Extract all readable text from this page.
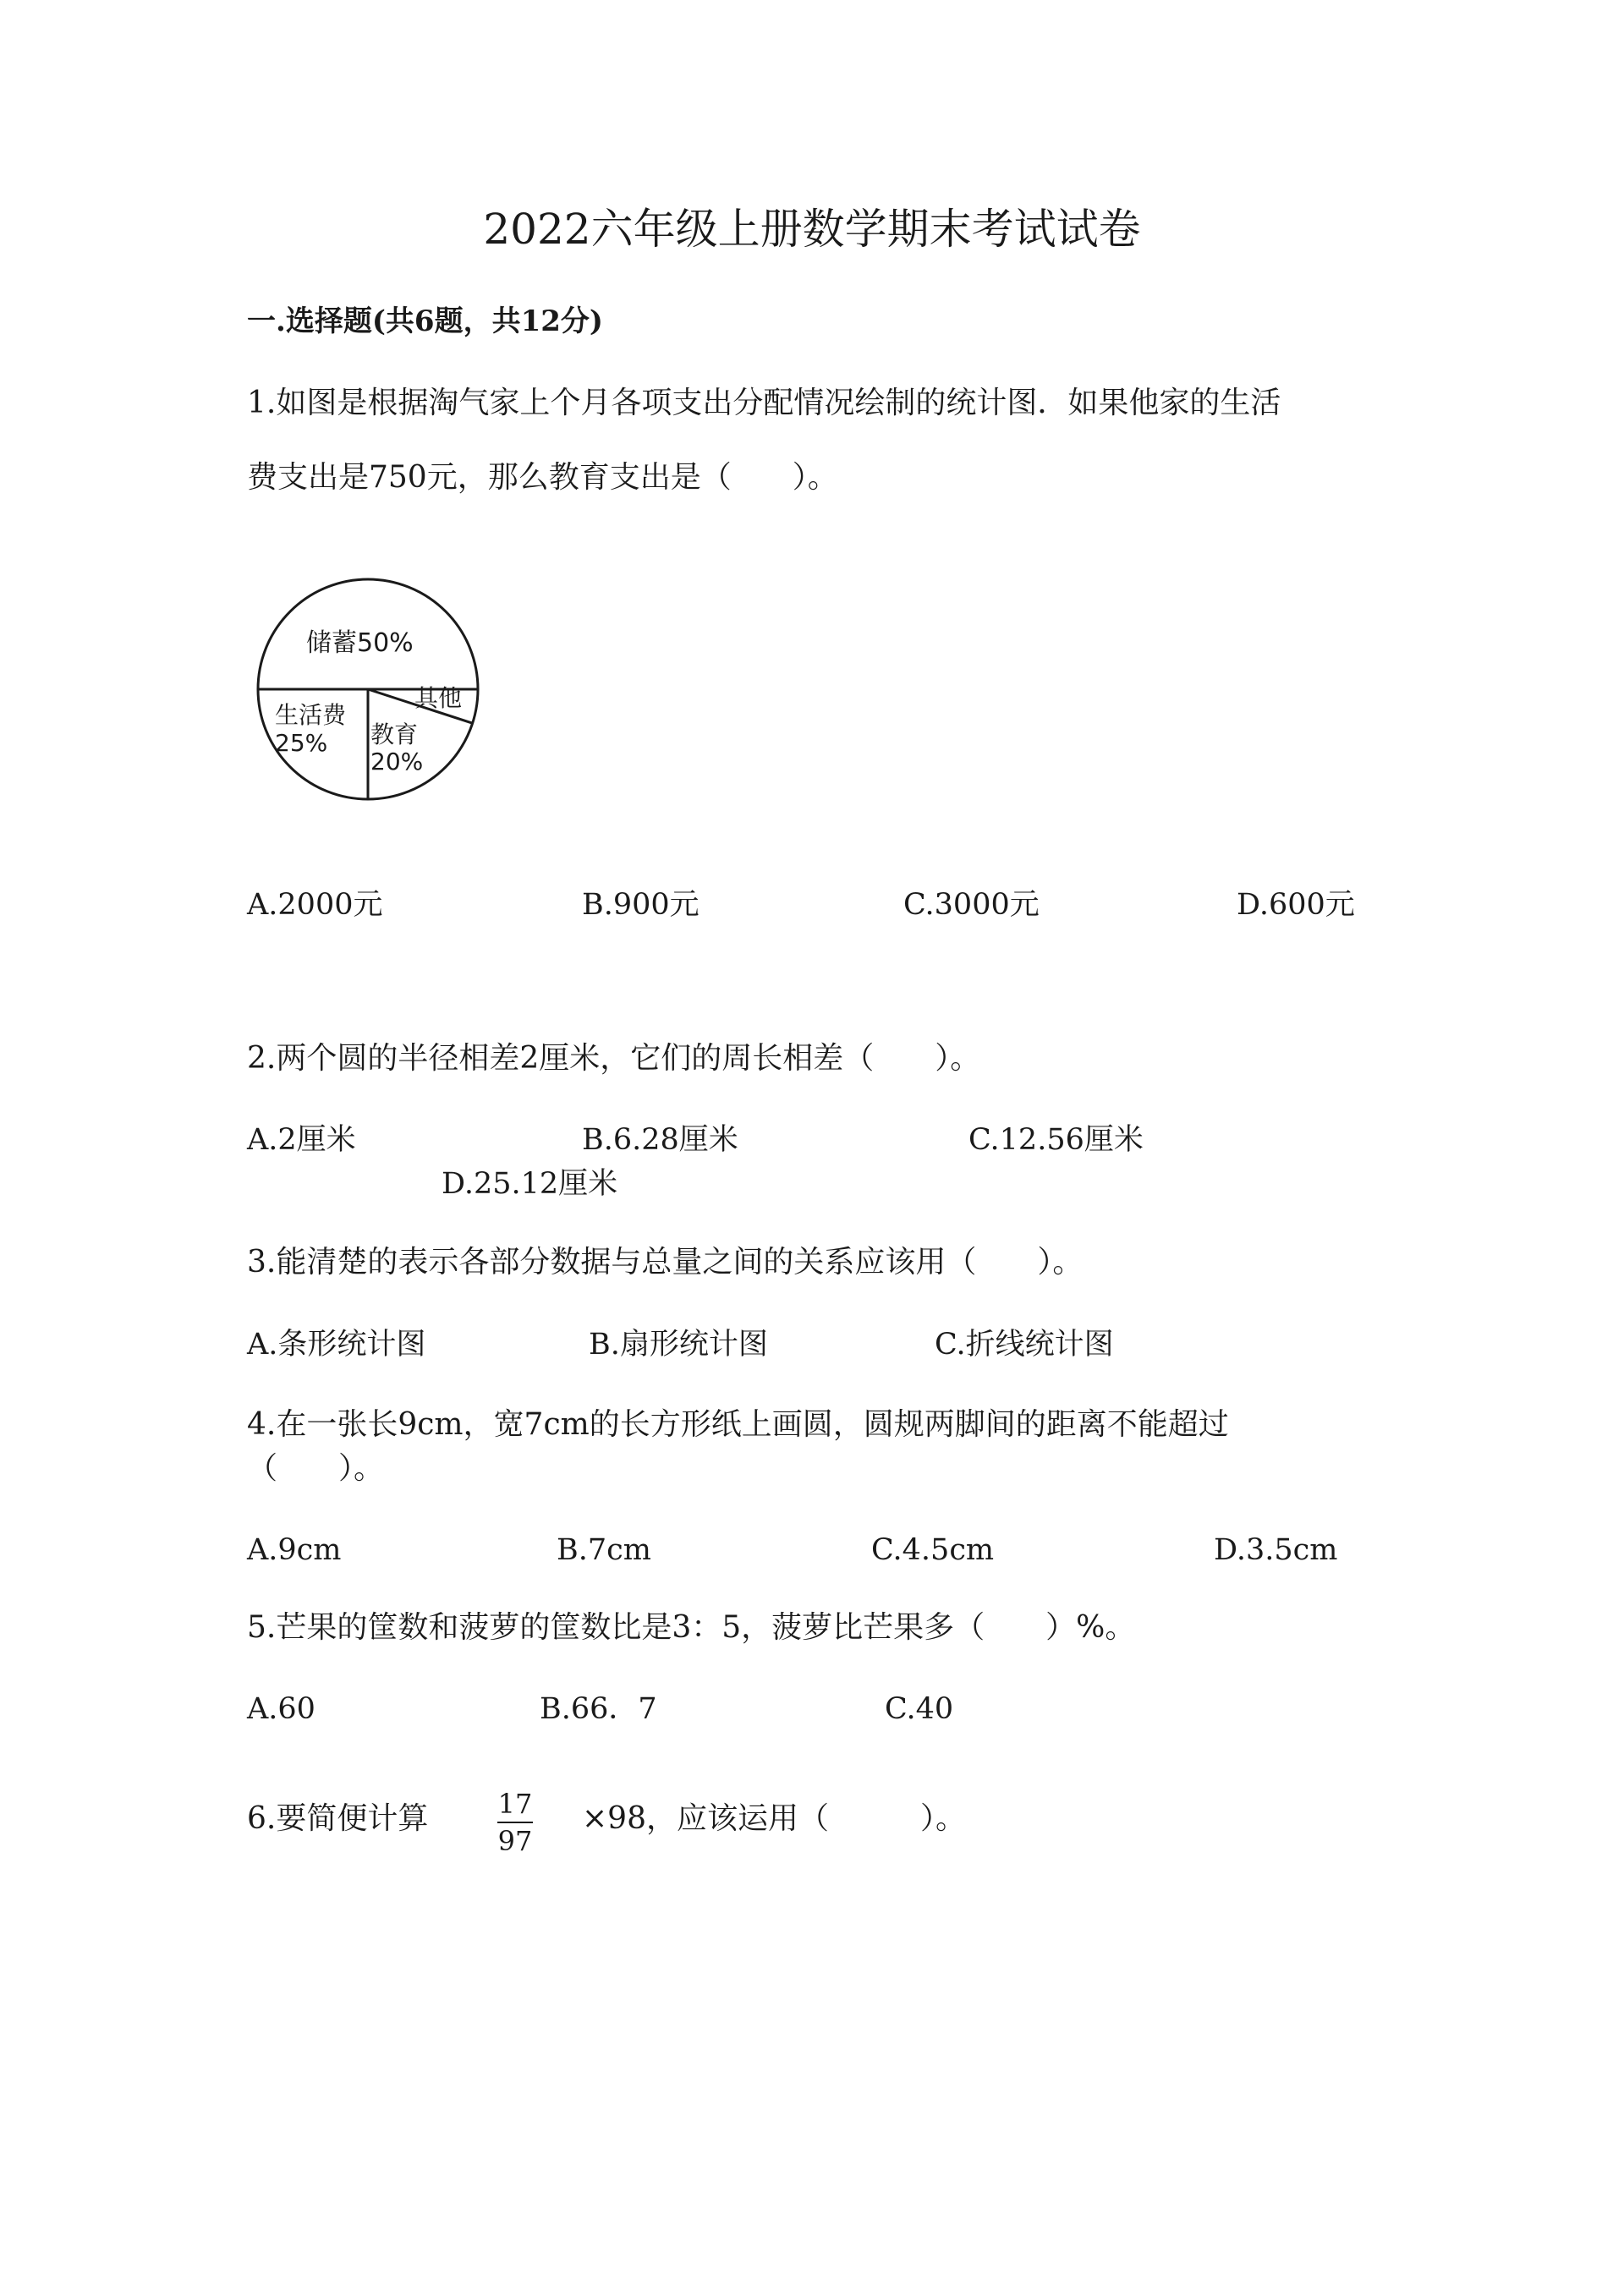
2022六年级上册数学期末考试试卷
一.选择题(共6题，共12分)
1.如图是根据淘气家上个月各项支出分配情况绘制的统计图．如果他家的生活
费支出是750元，那么教育支出是（　　）。
储蓄50%
生活费
25% 教育
20%
其他
A.2000元	B.900元	C.3000元	D.600元
2.两个圆的半径相差2厘米，它们的周长相差（　　）。
A.2厘米	B.6.28厘米	C.12.56厘米
D.25.12厘米
3.能清楚的表示各部分数据与总量之间的关系应该用（　　）。
A.条形统计图	B.扇形统计图	C.折线统计图
4.在一张长9cm，宽7cm的长方形纸上画圆，圆规两脚间的距离不能超过
（　　）。
A.9cm	B.7cm	C.4.5cm	D.3.5cm
5.芒果的筐数和菠萝的筐数比是3：5，菠萝比芒果多（　　）%。
A.60	B.66．7	C.40
6.要简便计算	17
97
×98，应该运用（　　　）。
